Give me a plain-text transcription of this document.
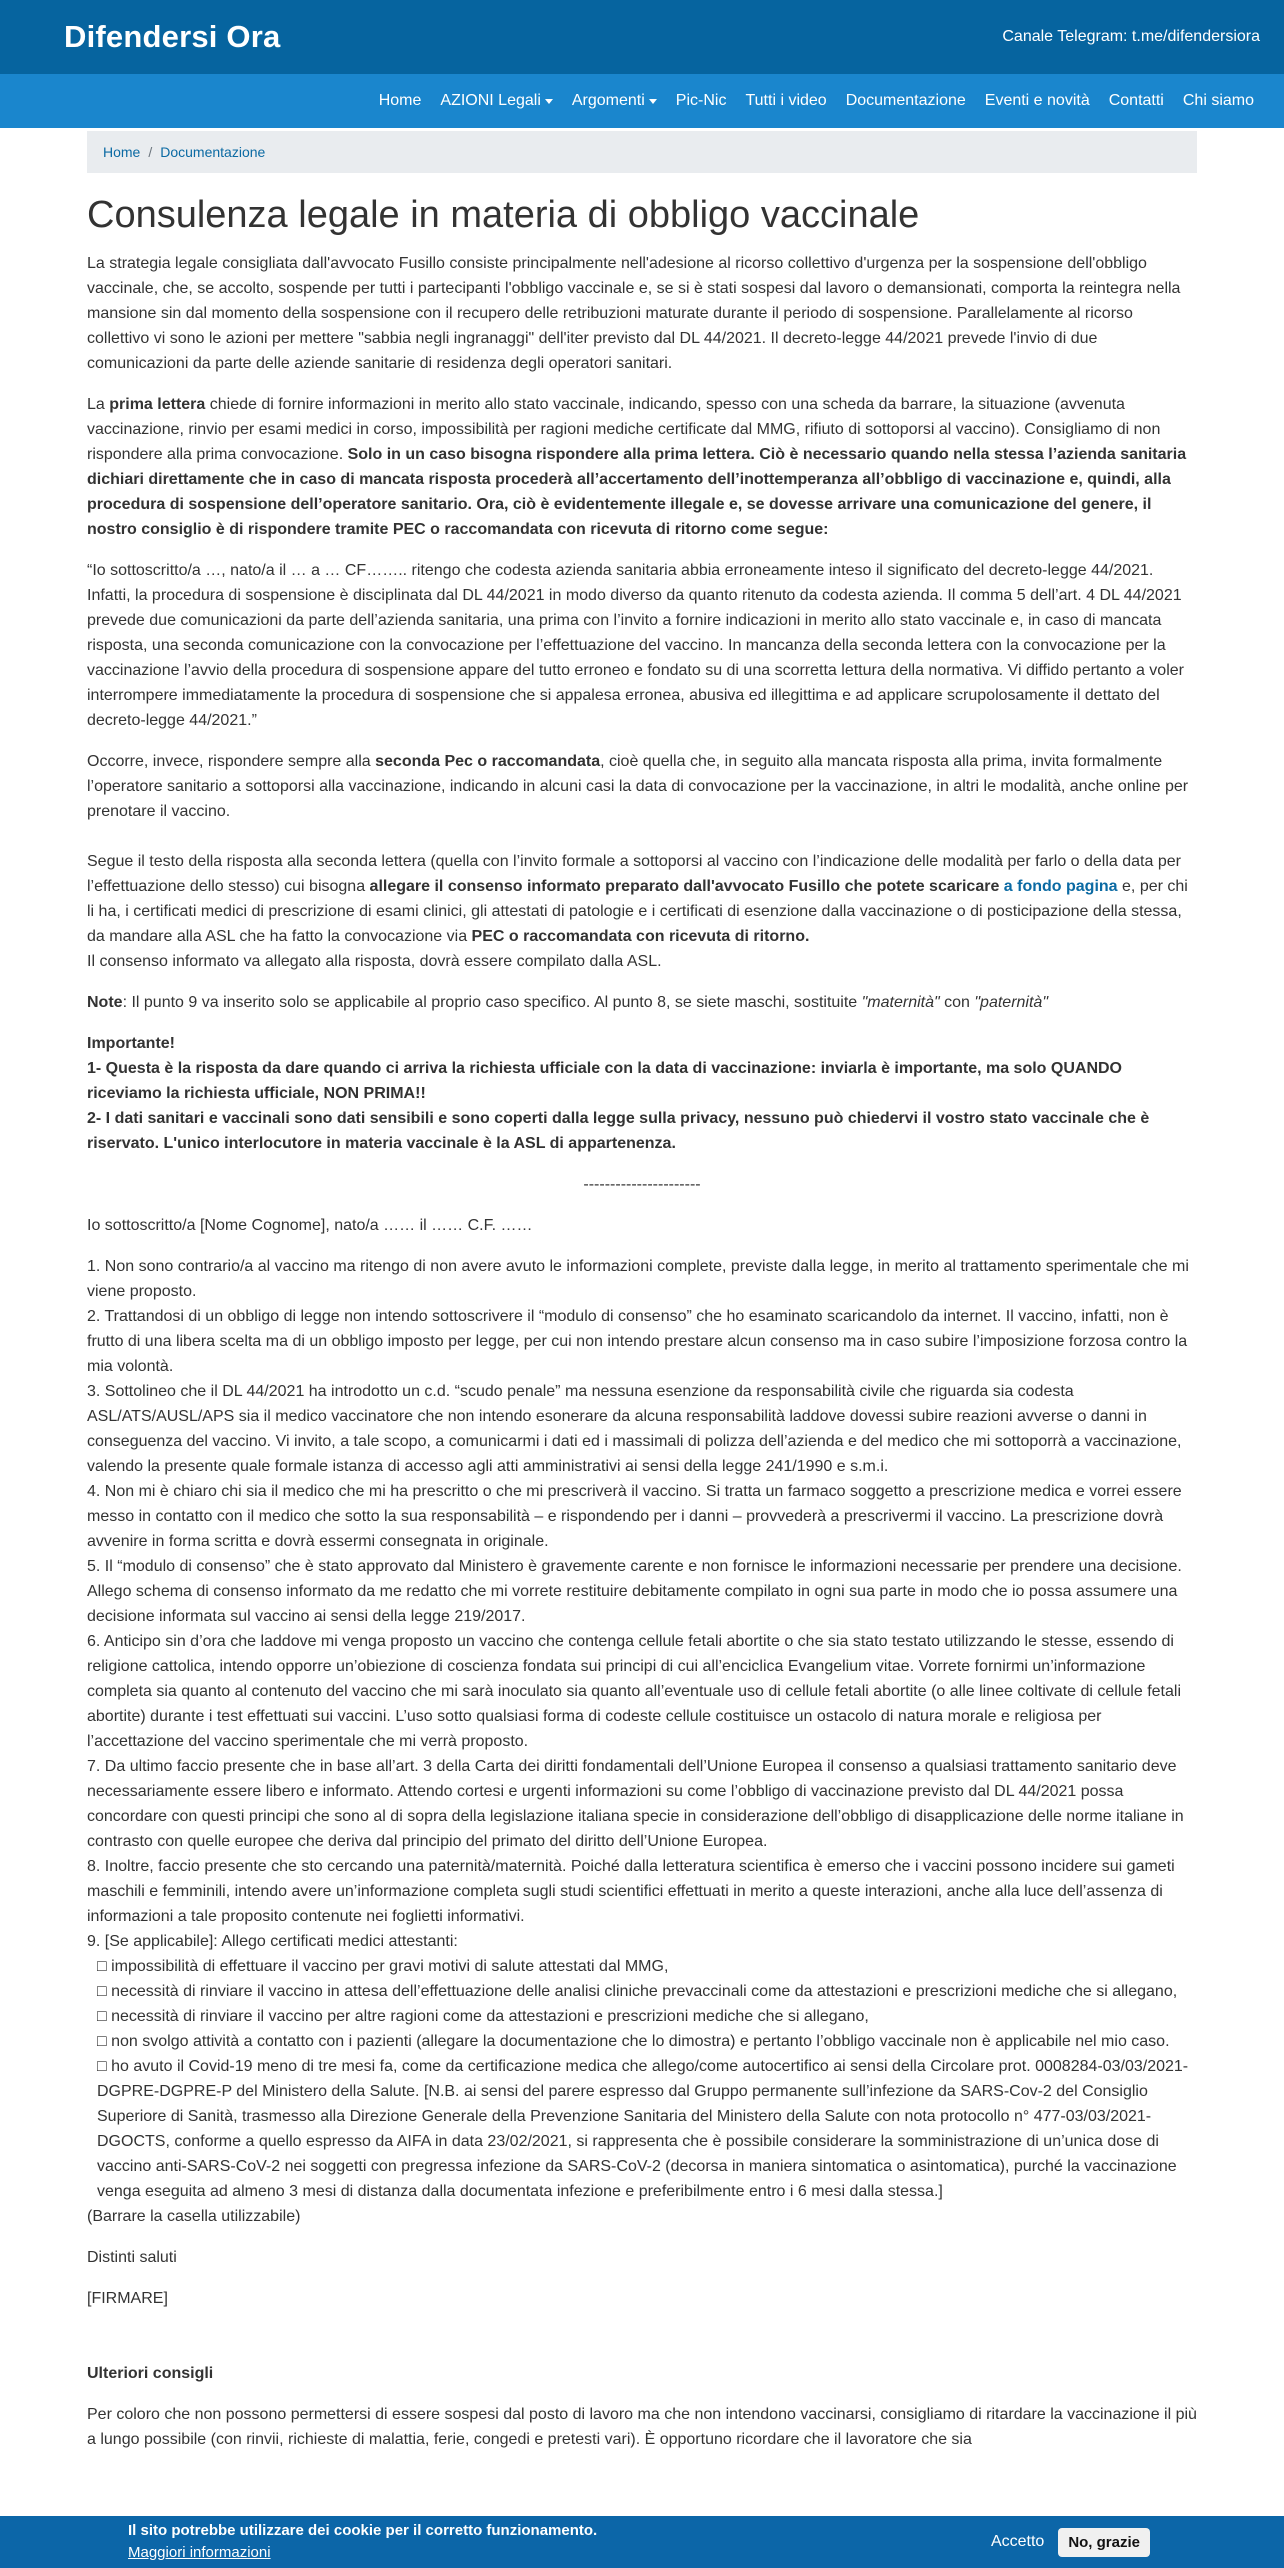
Difendersi Ora	Canale Telegram: t.me/difendersiora
Home AZIONI Legali Argomenti Pic-Nic Tutti i video Documentazione Eventi e novità Contatti Chi siamo
Home / Documentazione
Consulenza legale in materia di obbligo vaccinale

La strategia legale consigliata dall'avvocato Fusillo consiste principalmente nell'adesione al ricorso collettivo d'urgenza per la sospensione dell'obbligo vaccinale, che, se accolto, sospende per tutti i partecipanti l'obbligo vaccinale e, se si è stati sospesi dal lavoro o demansionati, comporta la reintegra nella mansione sin dal momento della sospensione con il recupero delle retribuzioni maturate durante il periodo di sospensione. Parallelamente al ricorso collettivo vi sono le azioni per mettere "sabbia negli ingranaggi" dell'iter previsto dal DL 44/2021. Il decreto-legge 44/2021 prevede l'invio di due comunicazioni da parte delle aziende sanitarie di residenza degli operatori sanitari.

La prima lettera chiede di fornire informazioni in merito allo stato vaccinale, indicando, spesso con una scheda da barrare, la situazione (avvenuta vaccinazione, rinvio per esami medici in corso, impossibilità per ragioni mediche certificate dal MMG, rifiuto di sottoporsi al vaccino). Consigliamo di non rispondere alla prima convocazione. Solo in un caso bisogna rispondere alla prima lettera. Ciò è necessario quando nella stessa l’azienda sanitaria dichiari direttamente che in caso di mancata risposta procederà all’accertamento dell’inottemperanza all’obbligo di vaccinazione e, quindi, alla procedura di sospensione dell’operatore sanitario. Ora, ciò è evidentemente illegale e, se dovesse arrivare una comunicazione del genere, il nostro consiglio è di rispondere tramite PEC o raccomandata con ricevuta di ritorno come segue:

“Io sottoscritto/a …, nato/a il … a … CF…….. ritengo che codesta azienda sanitaria abbia erroneamente inteso il significato del decreto-legge 44/2021. Infatti, la procedura di sospensione è disciplinata dal DL 44/2021 in modo diverso da quanto ritenuto da codesta azienda. Il comma 5 dell’art. 4 DL 44/2021 prevede due comunicazioni da parte dell’azienda sanitaria, una prima con l’invito a fornire indicazioni in merito allo stato vaccinale e, in caso di mancata risposta, una seconda comunicazione con la convocazione per l’effettuazione del vaccino. In mancanza della seconda lettera con la convocazione per la vaccinazione l’avvio della procedura di sospensione appare del tutto erroneo e fondato su di una scorretta lettura della normativa. Vi diffido pertanto a voler interrompere immediatamente la procedura di sospensione che si appalesa erronea, abusiva ed illegittima e ad applicare scrupolosamente il dettato del decreto-legge 44/2021.”

Occorre, invece, rispondere sempre alla seconda Pec o raccomandata, cioè quella che, in seguito alla mancata risposta alla prima, invita formalmente l’operatore sanitario a sottoporsi alla vaccinazione, indicando in alcuni casi la data di convocazione per la vaccinazione, in altri le modalità, anche online per prenotare il vaccino.

Segue il testo della risposta alla seconda lettera (quella con l’invito formale a sottoporsi al vaccino con l’indicazione delle modalità per farlo o della data per l’effettuazione dello stesso) cui bisogna allegare il consenso informato preparato dall'avvocato Fusillo che potete scaricare a fondo pagina e, per chi li ha, i certificati medici di prescrizione di esami clinici, gli attestati di patologie e i certificati di esenzione dalla vaccinazione o di posticipazione della stessa, da mandare alla ASL che ha fatto la convocazione via PEC o raccomandata con ricevuta di ritorno.
Il consenso informato va allegato alla risposta, dovrà essere compilato dalla ASL.

Note: Il punto 9 va inserito solo se applicabile al proprio caso specifico. Al punto 8, se siete maschi, sostituite "maternità" con "paternità"

Importante!
1- Questa è la risposta da dare quando ci arriva la richiesta ufficiale con la data di vaccinazione: inviarla è importante, ma solo QUANDO riceviamo la richiesta ufficiale, NON PRIMA!!
2- I dati sanitari e vaccinali sono dati sensibili e sono coperti dalla legge sulla privacy, nessuno può chiedervi il vostro stato vaccinale che è riservato. L'unico interlocutore in materia vaccinale è la ASL di appartenenza.

----------------------

Io sottoscritto/a [Nome Cognome], nato/a …… il …… C.F. ……

1. Non sono contrario/a al vaccino ma ritengo di non avere avuto le informazioni complete, previste dalla legge, in merito al trattamento sperimentale che mi viene proposto.
2. Trattandosi di un obbligo di legge non intendo sottoscrivere il “modulo di consenso” che ho esaminato scaricandolo da internet. Il vaccino, infatti, non è frutto di una libera scelta ma di un obbligo imposto per legge, per cui non intendo prestare alcun consenso ma in caso subire l’imposizione forzosa contro la mia volontà.
3. Sottolineo che il DL 44/2021 ha introdotto un c.d. “scudo penale” ma nessuna esenzione da responsabilità civile che riguarda sia codesta ASL/ATS/AUSL/APS sia il medico vaccinatore che non intendo esonerare da alcuna responsabilità laddove dovessi subire reazioni avverse o danni in conseguenza del vaccino. Vi invito, a tale scopo, a comunicarmi i dati ed i massimali di polizza dell’azienda e del medico che mi sottoporrà a vaccinazione, valendo la presente quale formale istanza di accesso agli atti amministrativi ai sensi della legge 241/1990 e s.m.i.
4. Non mi è chiaro chi sia il medico che mi ha prescritto o che mi prescriverà il vaccino. Si tratta un farmaco soggetto a prescrizione medica e vorrei essere messo in contatto con il medico che sotto la sua responsabilità – e rispondendo per i danni – provvederà a prescrivermi il vaccino. La prescrizione dovrà avvenire in forma scritta e dovrà essermi consegnata in originale.
5. Il “modulo di consenso” che è stato approvato dal Ministero è gravemente carente e non fornisce le informazioni necessarie per prendere una decisione. Allego schema di consenso informato da me redatto che mi vorrete restituire debitamente compilato in ogni sua parte in modo che io possa assumere una decisione informata sul vaccino ai sensi della legge 219/2017.
6. Anticipo sin d’ora che laddove mi venga proposto un vaccino che contenga cellule fetali abortite o che sia stato testato utilizzando le stesse, essendo di religione cattolica, intendo opporre un’obiezione di coscienza fondata sui principi di cui all’enciclica Evangelium vitae. Vorrete fornirmi un’informazione completa sia quanto al contenuto del vaccino che mi sarà inoculato sia quanto all’eventuale uso di cellule fetali abortite (o alle linee coltivate di cellule fetali abortite) durante i test effettuati sui vaccini. L’uso sotto qualsiasi forma di codeste cellule costituisce un ostacolo di natura morale e religiosa per l’accettazione del vaccino sperimentale che mi verrà proposto.
7. Da ultimo faccio presente che in base all’art. 3 della Carta dei diritti fondamentali dell’Unione Europea il consenso a qualsiasi trattamento sanitario deve necessariamente essere libero e informato. Attendo cortesi e urgenti informazioni su come l’obbligo di vaccinazione previsto dal DL 44/2021 possa concordare con questi principi che sono al di sopra della legislazione italiana specie in considerazione dell’obbligo di disapplicazione delle norme italiane in contrasto con quelle europee che deriva dal principio del primato del diritto dell’Unione Europea.
8. Inoltre, faccio presente che sto cercando una paternità/maternità. Poiché dalla letteratura scientifica è emerso che i vaccini possono incidere sui gameti maschili e femminili, intendo avere un’informazione completa sugli studi scientifici effettuati in merito a queste interazioni, anche alla luce dell’assenza di informazioni a tale proposito contenute nei foglietti informativi.
9. [Se applicabile]: Allego certificati medici attestanti:
□ impossibilità di effettuare il vaccino per gravi motivi di salute attestati dal MMG,
□ necessità di rinviare il vaccino in attesa dell’effettuazione delle analisi cliniche prevaccinali come da attestazioni e prescrizioni mediche che si allegano,
□ necessità di rinviare il vaccino per altre ragioni come da attestazioni e prescrizioni mediche che si allegano,
□ non svolgo attività a contatto con i pazienti (allegare la documentazione che lo dimostra) e pertanto l’obbligo vaccinale non è applicabile nel mio caso.
□ ho avuto il Covid-19 meno di tre mesi fa, come da certificazione medica che allego/come autocertifico ai sensi della Circolare prot. 0008284-03/03/2021-DGPRE-DGPRE-P del Ministero della Salute. [N.B. ai sensi del parere espresso dal Gruppo permanente sull’infezione da SARS-Cov-2 del Consiglio Superiore di Sanità, trasmesso alla Direzione Generale della Prevenzione Sanitaria del Ministero della Salute con nota protocollo n° 477-03/03/2021-DGOCTS, conforme a quello espresso da AIFA in data 23/02/2021, si rappresenta che è possibile considerare la somministrazione di un’unica dose di vaccino anti-SARS-CoV-2 nei soggetti con pregressa infezione da SARS-CoV-2 (decorsa in maniera sintomatica o asintomatica), purché la vaccinazione venga eseguita ad almeno 3 mesi di distanza dalla documentata infezione e preferibilmente entro i 6 mesi dalla stessa.]
(Barrare la casella utilizzabile)

Distinti saluti

[FIRMARE]

Ulteriori consigli

Per coloro che non possono permettersi di essere sospesi dal posto di lavoro ma che non intendono vaccinarsi, consigliamo di ritardare la vaccinazione il più a lungo possibile (con rinvii, richieste di malattia, ferie, congedi e pretesti vari). È opportuno ricordare che il lavoratore che sia

Il sito potrebbe utilizzare dei cookie per il corretto funzionamento.
Maggiori informazioni
Accetto	No, grazie
